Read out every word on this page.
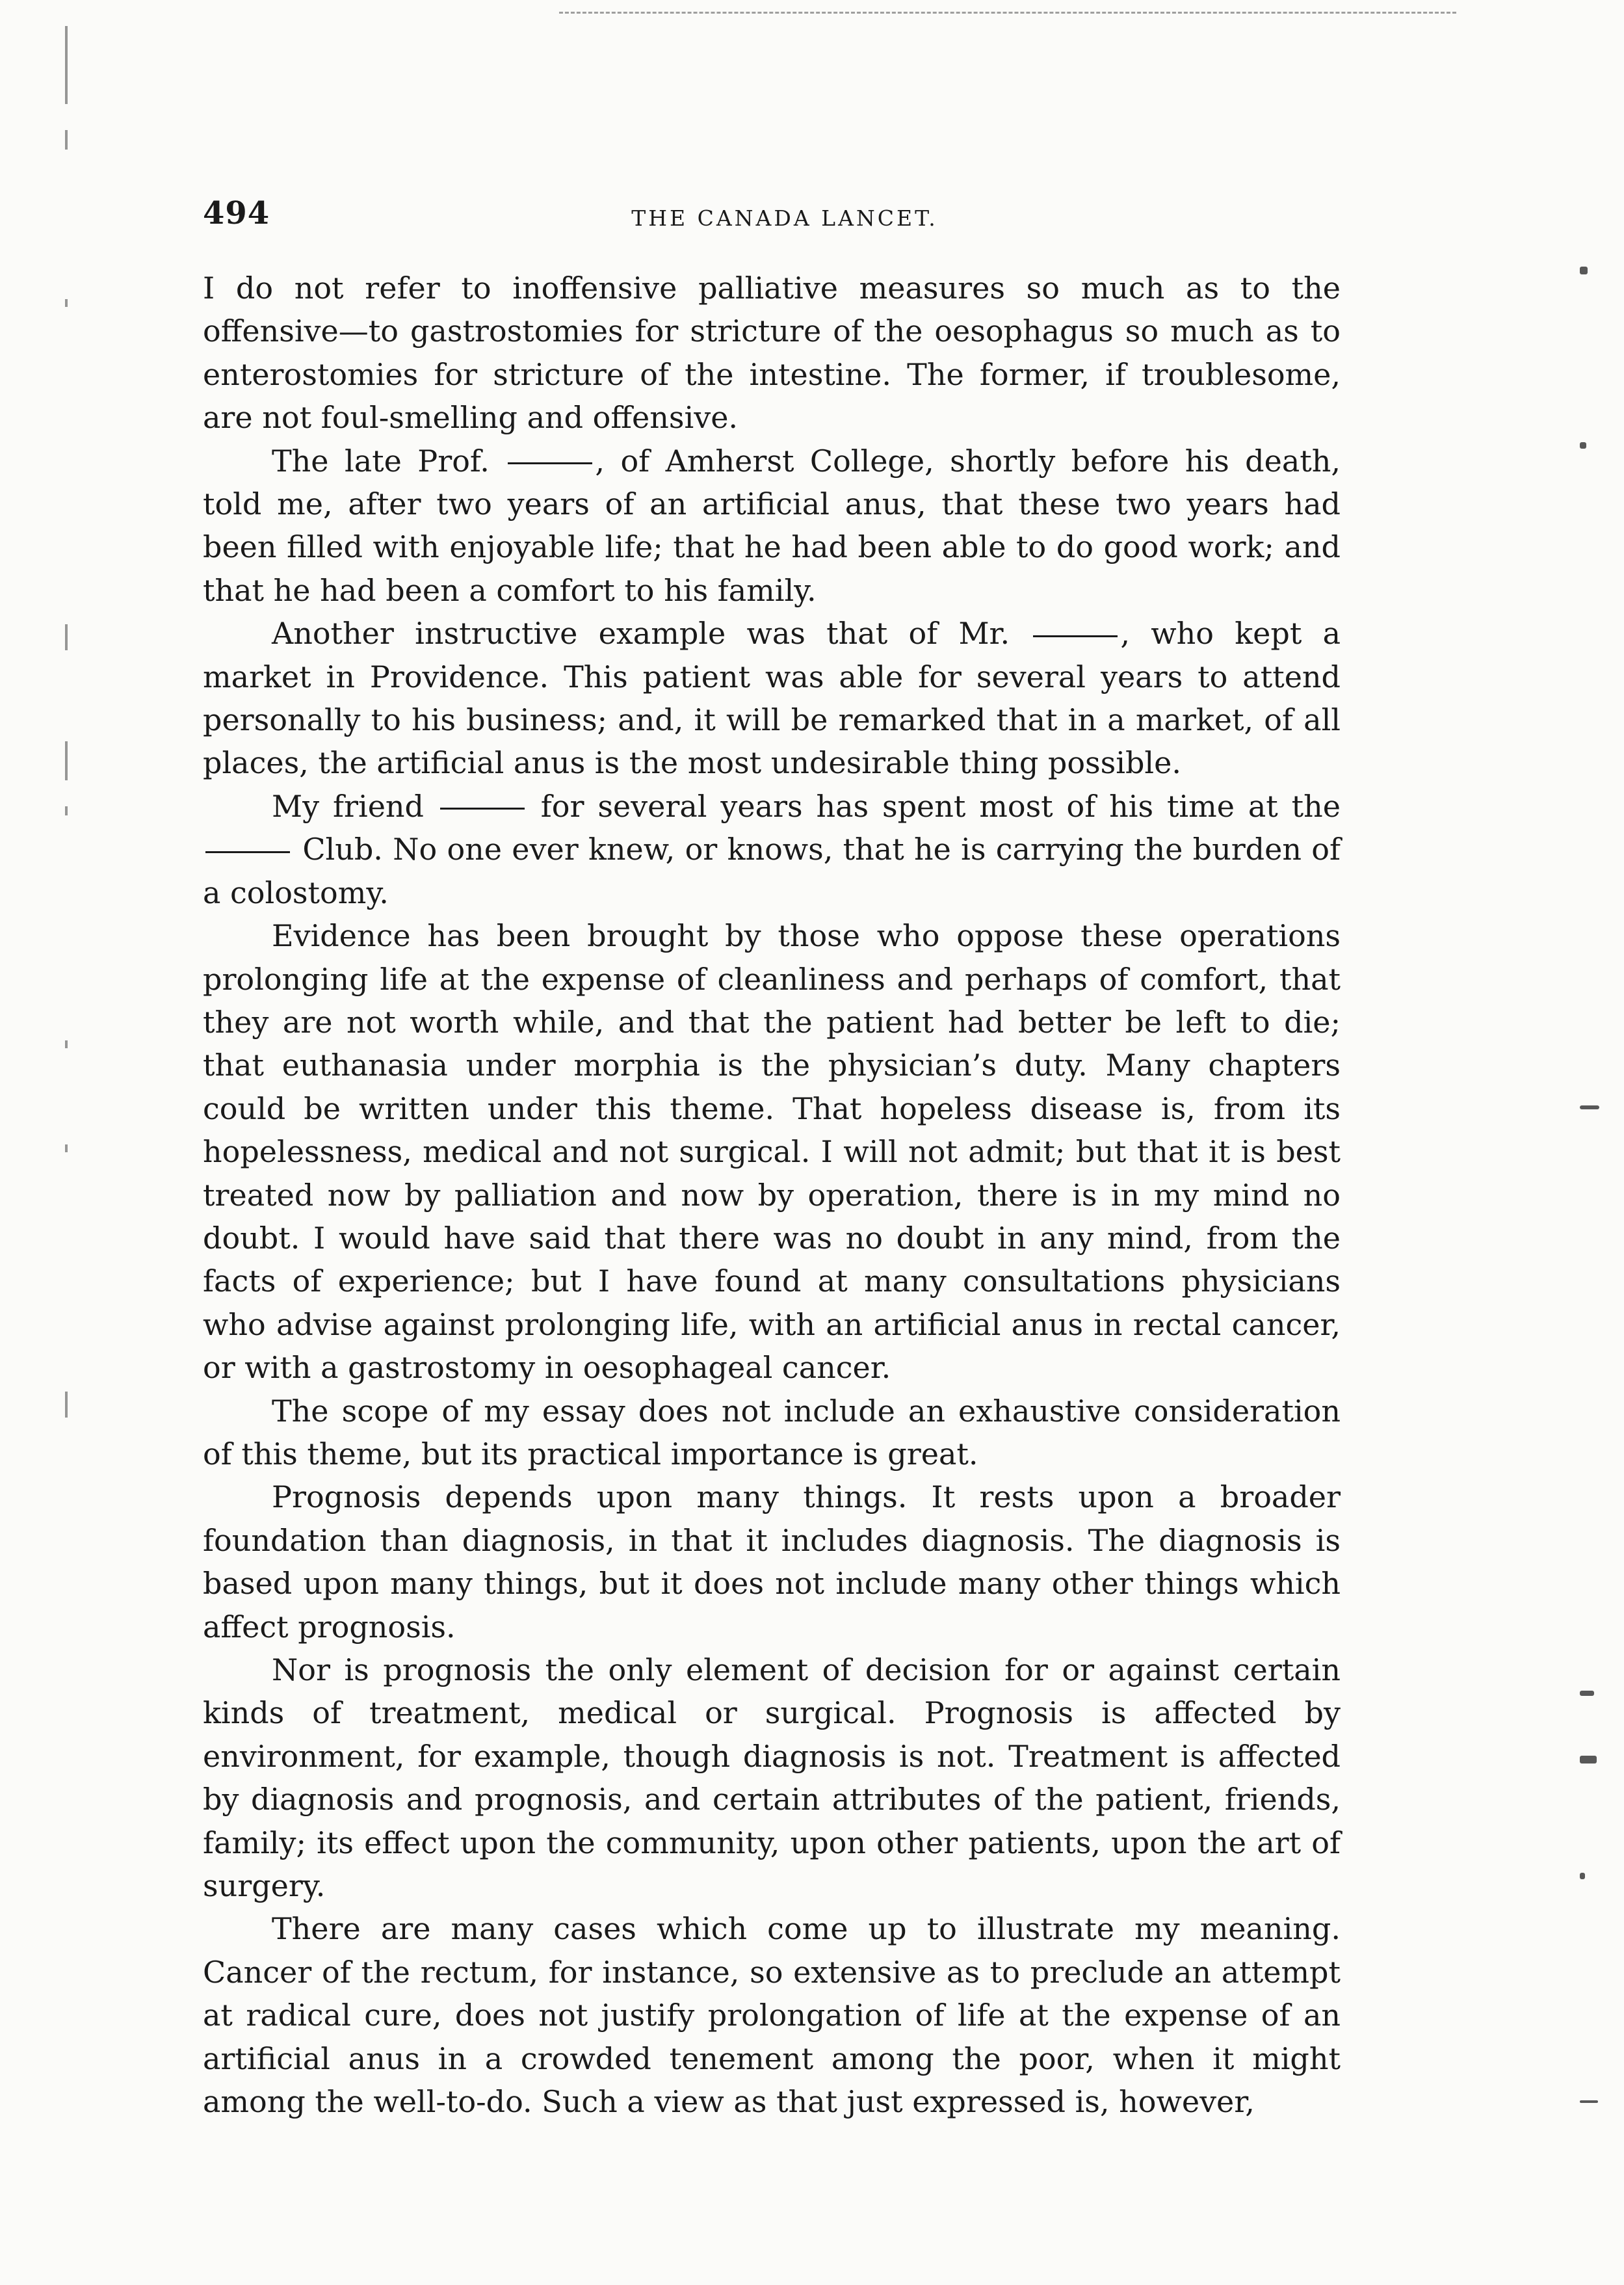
494	THE CANADA LANCET.

I do not refer to inoffensive palliative measures so much as to the offensive—to gastrostomies for stricture of the oesophagus so much as to enterostomies for stricture of the intestine. The former, if troublesome, are not foul-smelling and offensive.

The late Prof.	, of Amherst College, shortly before his death, told me, after two years of an artificial anus, that these two years had been filled with enjoyable life; that he had been able to do good work; and that he had been a comfort to his family.

Another instructive example was that of Mr.	, who kept a market in Providence. This patient was able for several years to attend personally to his business; and, it will be remarked that in a market, of all places, the artificial anus is the most undesirable thing possible.

My friend	for several years has spent most of his time at the  Club. No one ever knew, or knows, that he is carrying the burden of a colostomy.

Evidence has been brought by those who oppose these operations prolonging life at the expense of cleanliness and perhaps of comfort, that they are not worth while, and that the patient had better be left to die; that euthanasia under morphia is the physician’s duty. Many chapters could be written under this theme. That hopeless disease is, from its hopelessness, medical and not surgical. I will not admit; but that it is best treated now by palliation and now by operation, there is in my mind no doubt. I would have said that there was no doubt in any mind, from the facts of experience; but I have found at many consultations physicians who advise against prolonging life, with an artificial anus in rectal cancer, or with a gastrostomy in oesophageal cancer.

The scope of my essay does not include an exhaustive consideration of this theme, but its practical importance is great.

Prognosis depends upon many things. It rests upon a broader foundation than diagnosis, in that it includes diagnosis. The diagnosis is based upon many things, but it does not include many other things which affect prognosis.

Nor is prognosis the only element of decision for or against certain kinds of treatment, medical or surgical. Prognosis is affected by environment, for example, though diagnosis is not. Treatment is affected by diagnosis and prognosis, and certain attributes of the patient, friends, family; its effect upon the community, upon other patients, upon the art of surgery.

There are many cases which come up to illustrate my meaning. Cancer of the rectum, for instance, so extensive as to preclude an attempt at radical cure, does not justify prolongation of life at the expense of an artificial anus in a crowded tenement among the poor, when it might among the well-to-do. Such a view as that just expressed is, however,
